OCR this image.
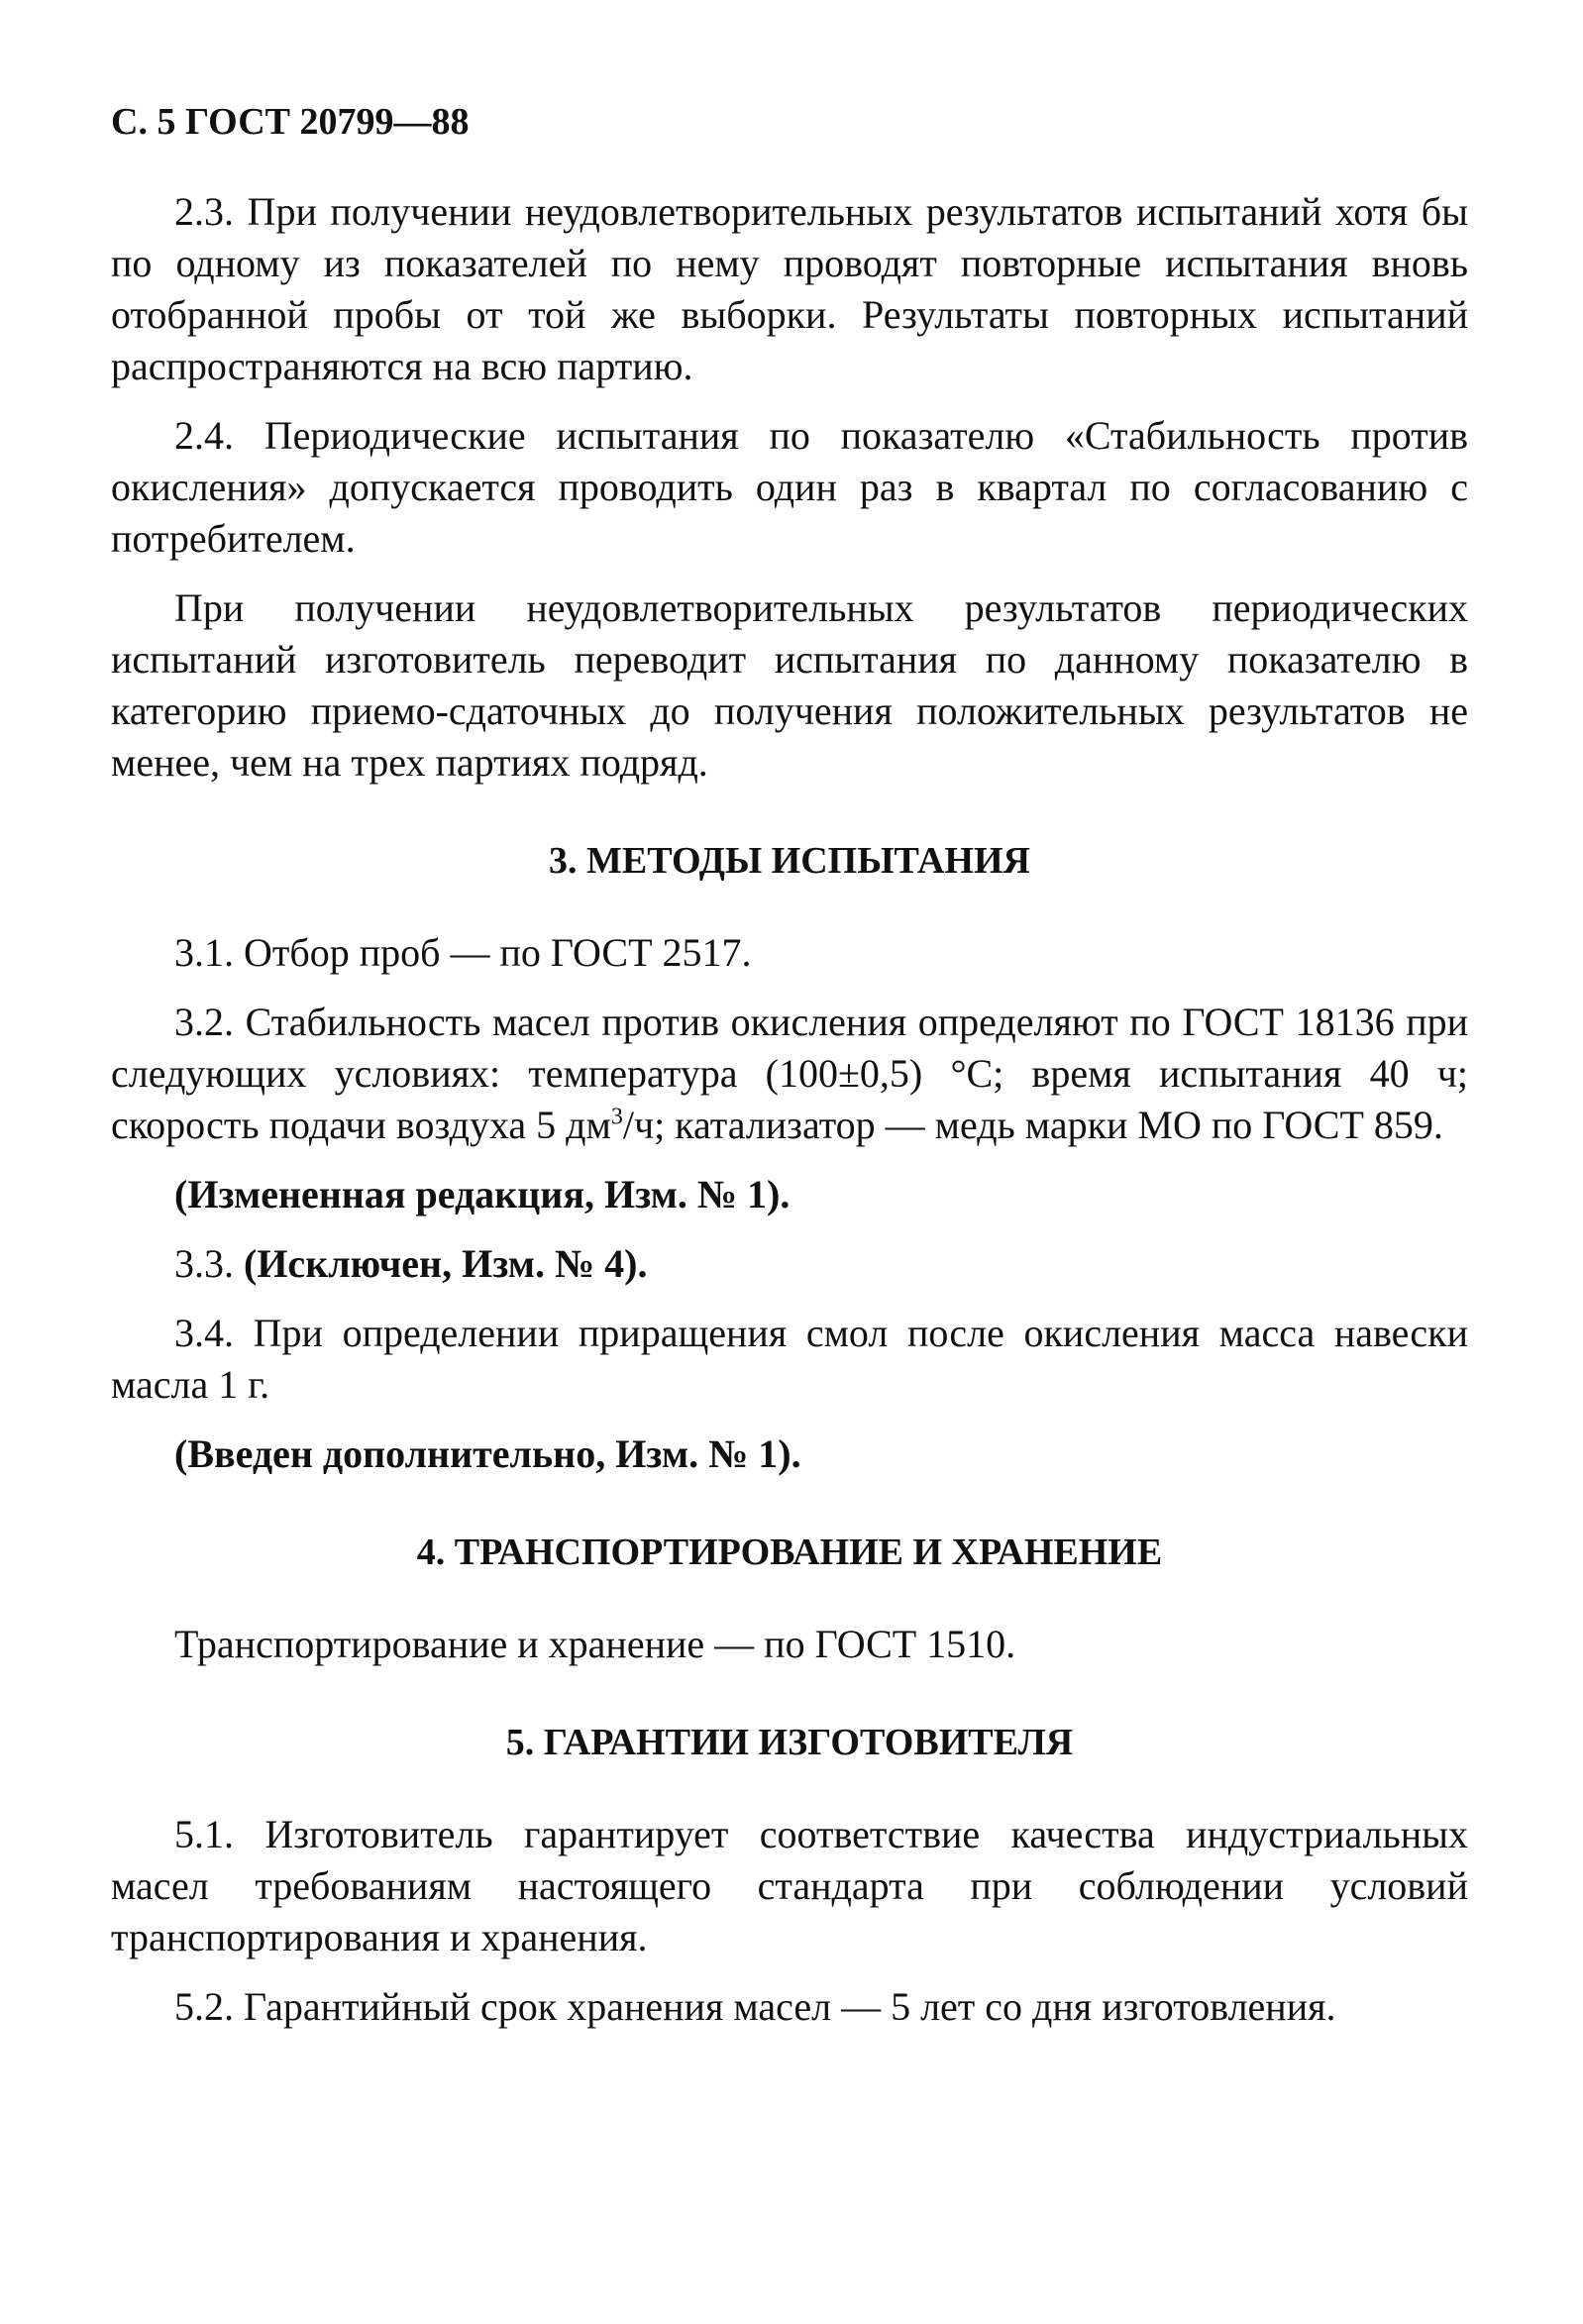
С. 5 ГОСТ 20799—88

2.3. При получении неудовлетворительных результатов испытаний хотя бы по одному из показателей по нему проводят повторные испытания вновь отобранной пробы от той же выборки. Результаты повторных испытаний распространяются на всю партию.

2.4. Периодические испытания по показателю «Стабильность против окисления» допускается проводить один раз в квартал по согласованию с потребителем.

При получении неудовлетворительных результатов периодических испытаний изготовитель переводит испытания по данному показателю в категорию приемо-сдаточных до получения положительных результатов не менее, чем на трех партиях подряд.

3. МЕТОДЫ ИСПЫТАНИЯ

3.1. Отбор проб — по ГОСТ 2517.

3.2. Стабильность масел против окисления определяют по ГОСТ 18136 при следующих условиях: температура (100±0,5) °С; время испытания 40 ч; скорость подачи воздуха 5 $дм^3/ч$; катализатор — медь марки МО по ГОСТ 859.

(Измененная редакция, Изм. № 1).

3.3. (Исключен, Изм. № 4).

3.4. При определении приращения смол после окисления масса навески масла 1 г.

(Введен дополнительно, Изм. № 1).

4. ТРАНСПОРТИРОВАНИЕ И ХРАНЕНИЕ

Транспортирование и хранение — по ГОСТ 1510.

5. ГАРАНТИИ ИЗГОТОВИТЕЛЯ

5.1. Изготовитель гарантирует соответствие качества индустриальных масел требованиям настоящего стандарта при соблюдении условий транспортирования и хранения.

5.2. Гарантийный срок хранения масел — 5 лет со дня изготовления.
